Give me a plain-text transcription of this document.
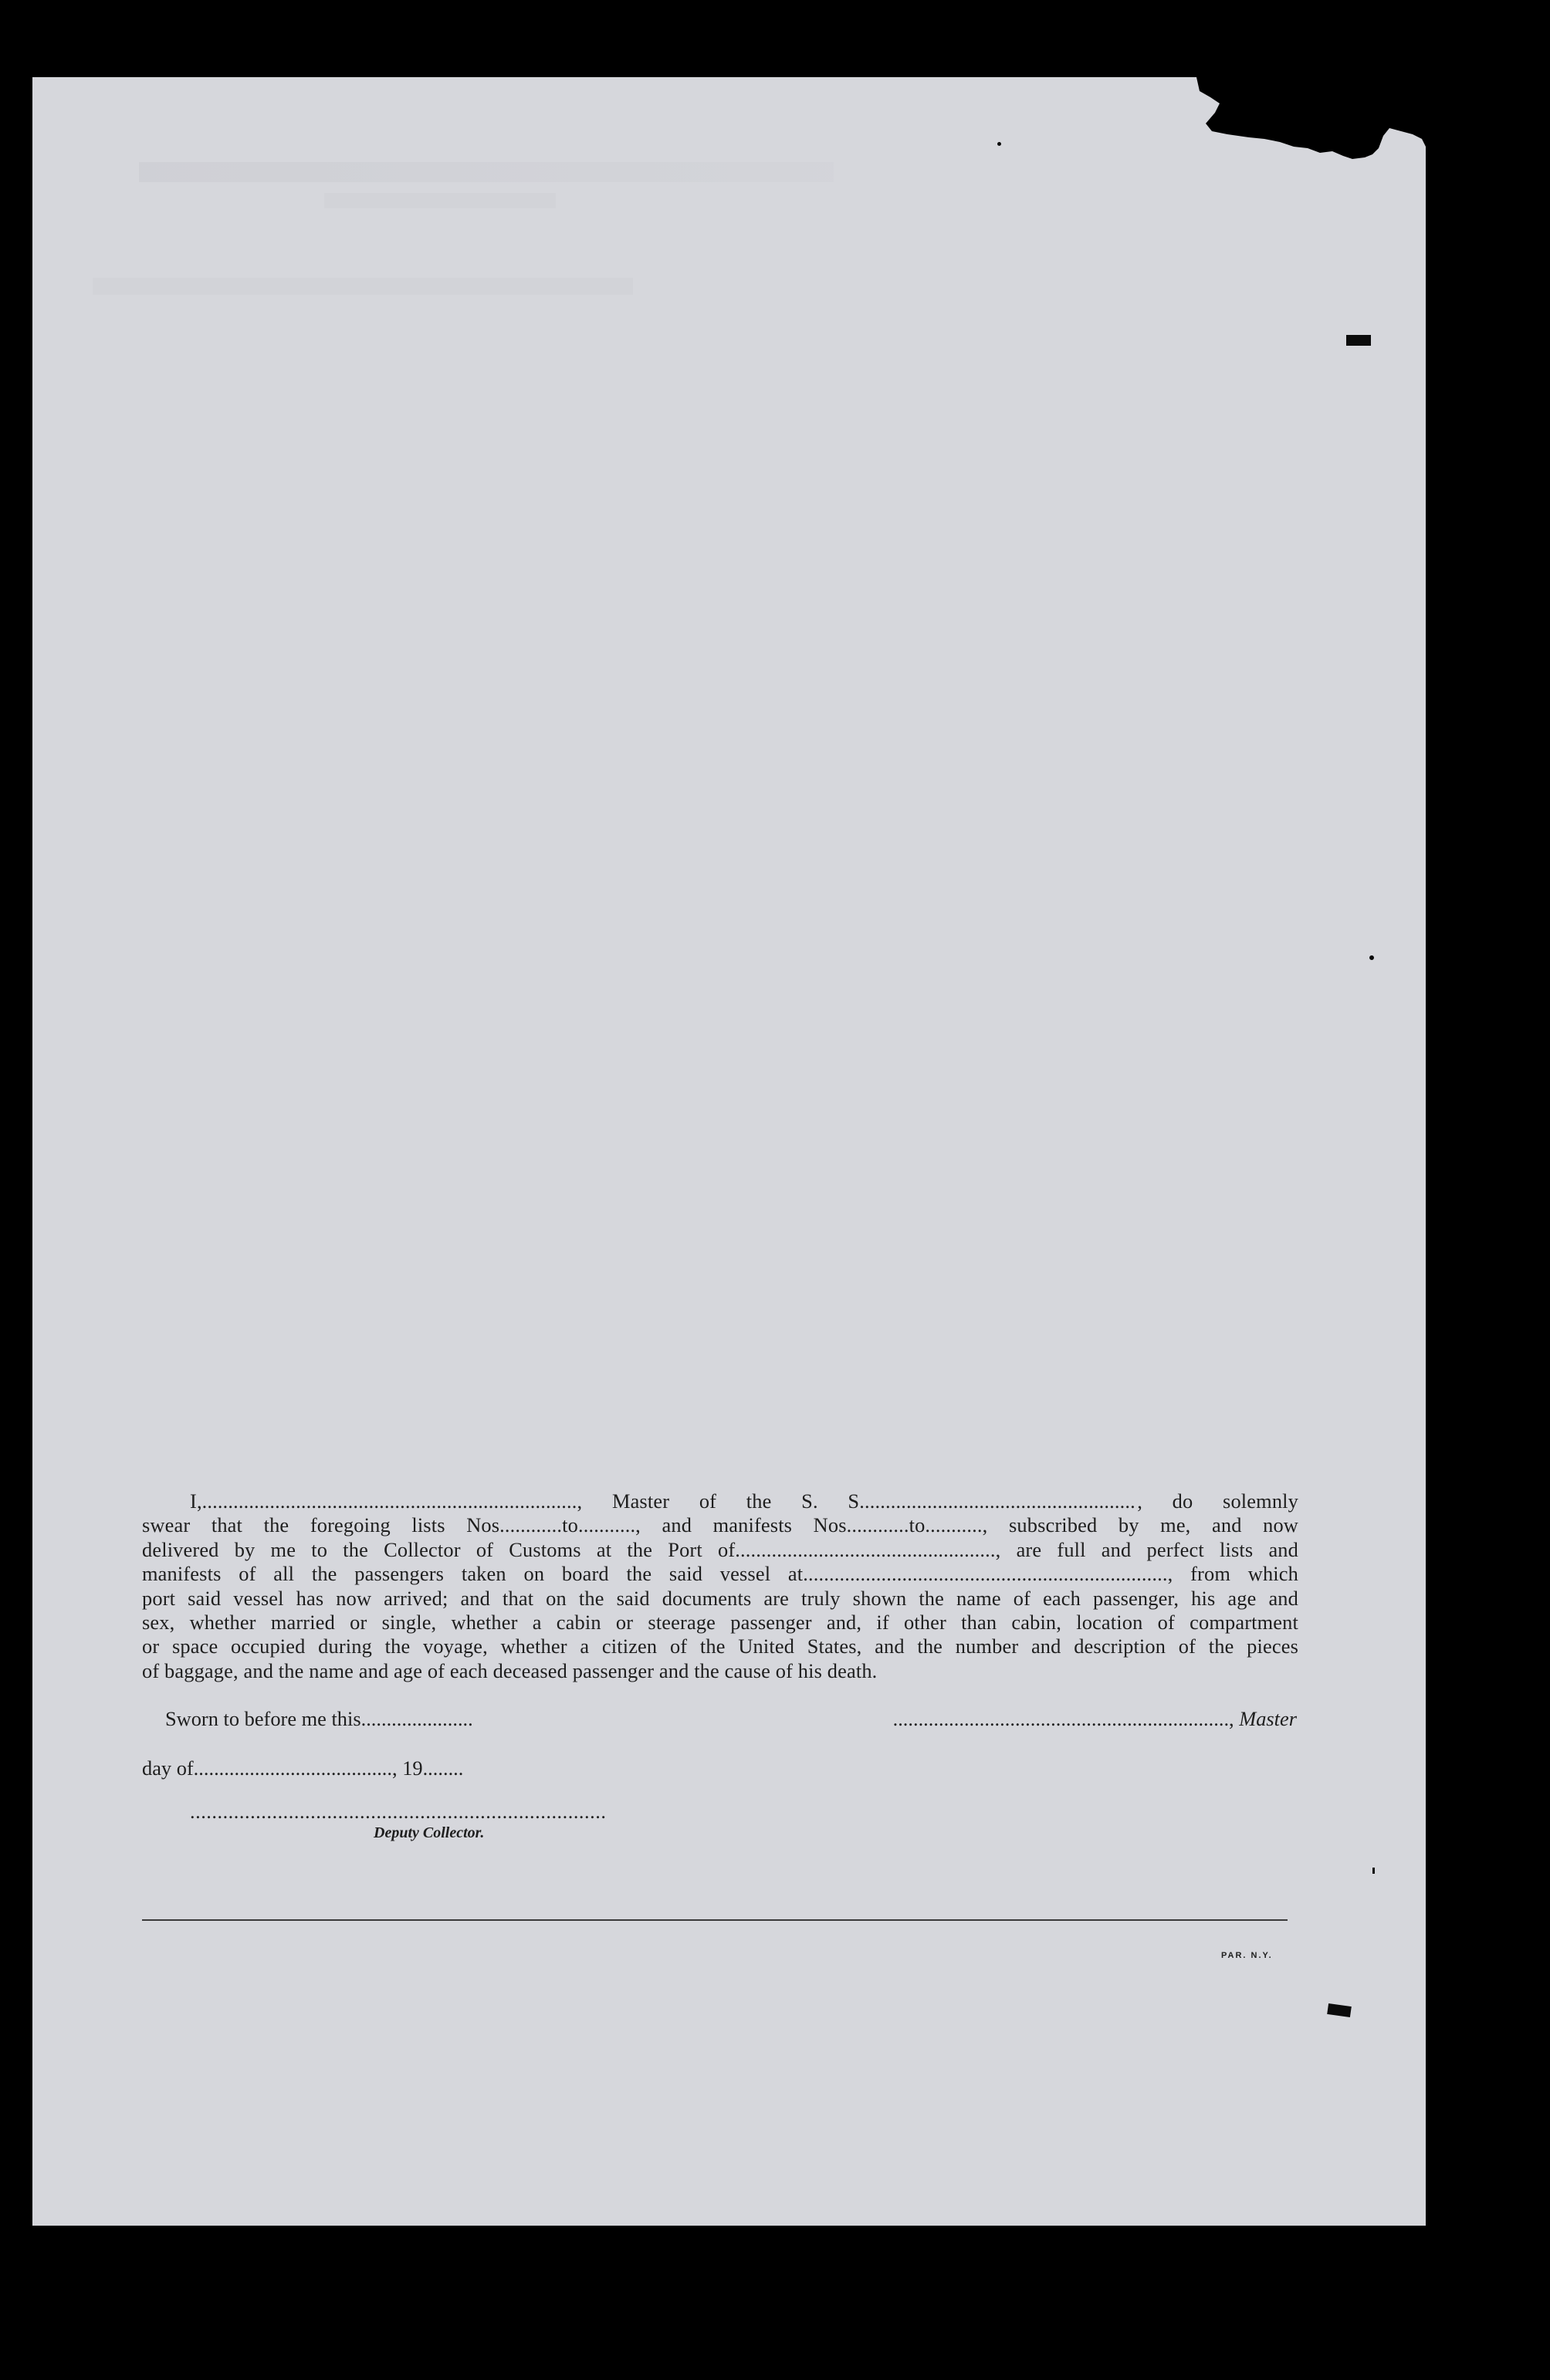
I,........................................................................, Master of the S. S..................................................... , do solemnly
swear that the foregoing lists Nos............to..........., and manifests Nos............to..........., subscribed by me, and now
delivered by me to the Collector of Customs at the Port of.................................................., are full and perfect lists and
manifests of all the passengers taken on board the said vessel at......................................................................, from which
port said vessel has now arrived; and that on the said documents are truly shown the name of each passenger, his age and
sex, whether married or single, whether a cabin or steerage passenger and, if other than cabin, location of compartment
or space occupied during the voyage, whether a citizen of the United States, and the number and description of the pieces
of baggage, and the name and age of each deceased passenger and the cause of his death.
Sworn to before me this......................	.................................................................., Master
day of......................................., 19........
............................................................................
Deputy Collector.
PAR. N.Y.
